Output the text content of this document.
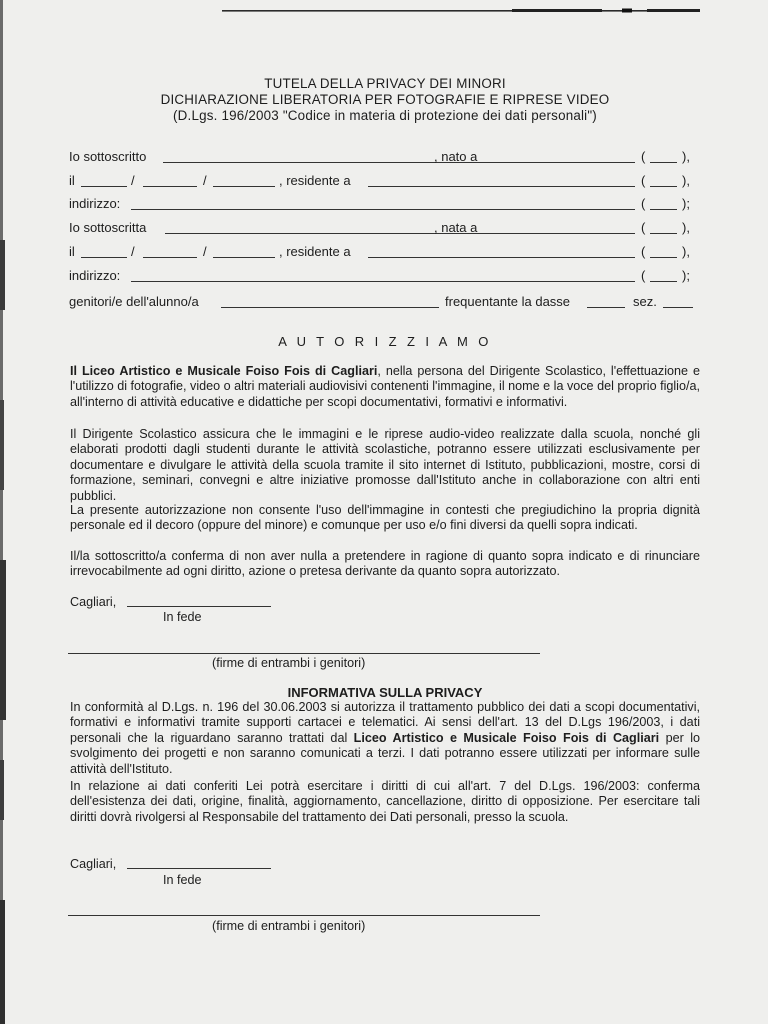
TUTELA DELLA PRIVACY DEI MINORI
DICHIARAZIONE LIBERATORIA PER FOTOGRAFIE E RIPRESE VIDEO
(D.Lgs. 196/2003 "Codice in materia di protezione dei dati personali")
Io sottoscritto	, nato a	(	),
il	/	/	, residente a	(	),
indirizzo:	(	);
Io sottoscritta	, nata a	(	),
il	/	/	, residente a	(	),
indirizzo:	(	);
genitori/e dell'alunno/a	frequentante la dasse	sez.
A U T O R I Z Z I A M O
Il Liceo Artistico e Musicale Foiso Fois di Cagliari, nella persona del Dirigente Scolastico, l'effettuazione e l'utilizzo di fotografie, video o altri materiali audiovisivi contenenti l'immagine, il nome e la voce del proprio figlio/a, all'interno di attività educative e didattiche per scopi documentativi, formativi e informativi.
Il Dirigente Scolastico assicura che le immagini e le riprese audio-video realizzate dalla scuola, nonché gli elaborati prodotti dagli studenti durante le attività scolastiche, potranno essere utilizzati esclusivamente per documentare e divulgare le attività della scuola tramite il sito internet di Istituto, pubblicazioni, mostre, corsi di formazione, seminari, convegni e altre iniziative promosse dall'Istituto anche in collaborazione con altri enti pubblici.
La presente autorizzazione non consente l'uso dell'immagine in contesti che pregiudichino la propria dignità personale ed il decoro (oppure del minore) e comunque per uso e/o fini diversi da quelli sopra indicati.
Il/la sottoscritto/a conferma di non aver nulla a pretendere in ragione di quanto sopra indicato e di rinunciare irrevocabilmente ad ogni diritto, azione o pretesa derivante da quanto sopra autorizzato.
Cagliari,
In fede
(firme di entrambi i genitori)
INFORMATIVA SULLA PRIVACY
In conformità al D.Lgs. n. 196 del 30.06.2003 si autorizza il trattamento pubblico dei dati a scopi documentativi, formativi e informativi tramite supporti cartacei e telematici. Ai sensi dell'art. 13 del D.Lgs 196/2003, i dati personali che la riguardano saranno trattati dal Liceo Artistico e Musicale Foiso Fois di Cagliari per lo svolgimento dei progetti e non saranno comunicati a terzi. I dati potranno essere utilizzati per informare sulle attività dell'Istituto.
In relazione ai dati conferiti Lei potrà esercitare i diritti di cui all'art. 7 del D.Lgs. 196/2003: conferma dell'esistenza dei dati, origine, finalità, aggiornamento, cancellazione, diritto di opposizione. Per esercitare tali diritti dovrà rivolgersi al Responsabile del trattamento dei Dati personali, presso la scuola.
Cagliari,
In fede
(firme di entrambi i genitori)
